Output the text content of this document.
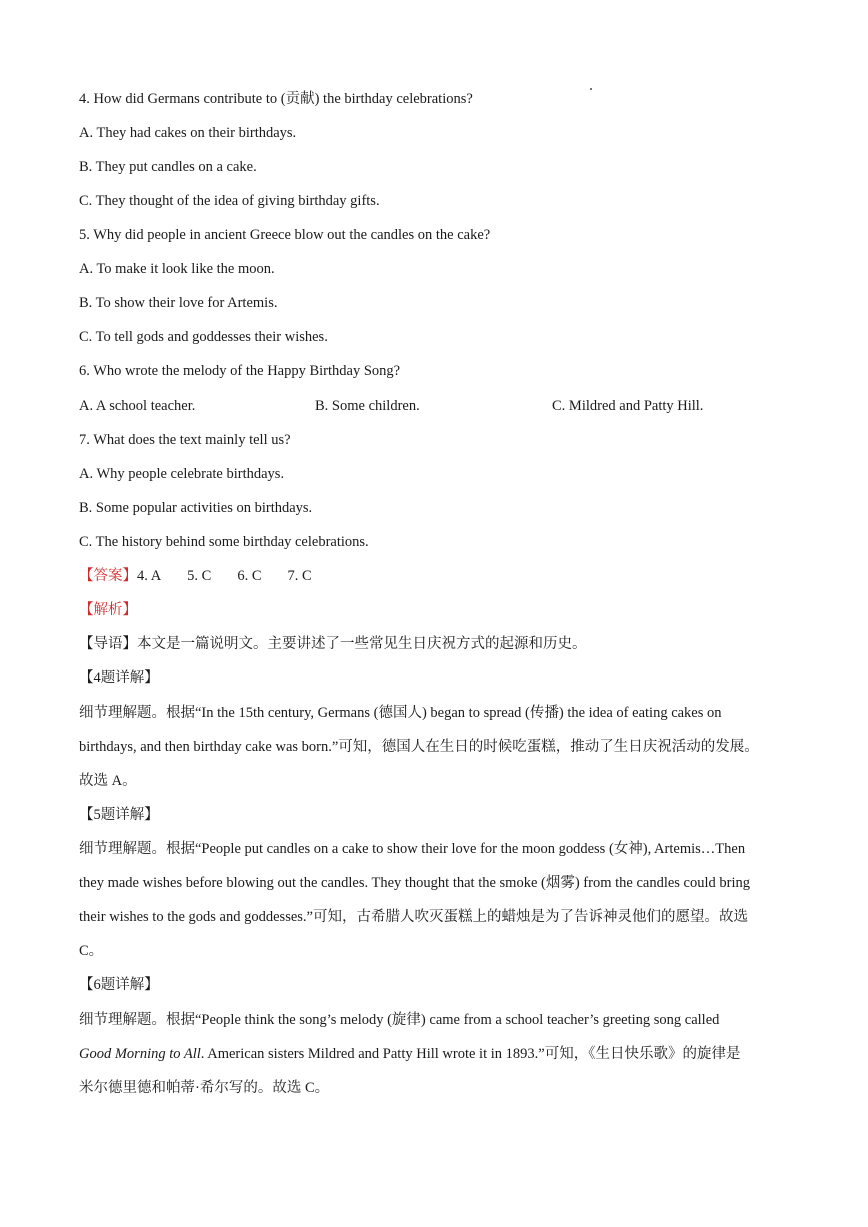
4. How did Germans contribute to (贡献) the birthday celebrations?
A. They had cakes on their birthdays.
B. They put candles on a cake.
C. They thought of the idea of giving birthday gifts.
5. Why did people in ancient Greece blow out the candles on the cake?
A. To make it look like the moon.
B. To show their love for Artemis.
C. To tell gods and goddesses their wishes.
6. Who wrote the melody of the Happy Birthday Song?
A. A school teacher.	B. Some children.	C. Mildred and Patty Hill.
7. What does the text mainly tell us?
A. Why people celebrate birthdays.
B. Some popular activities on birthdays.
C. The history behind some birthday celebrations.
【答案】4. A 5. C 6. C 7. C
【解析】
【导语】本文是一篇说明文。主要讲述了一些常见生日庆祝方式的起源和历史。
【4题详解】
细节理解题。根据“In the 15th century, Germans (德国人) began to spread (传播) the idea of eating cakes on
birthdays, and then birthday cake was born.”可知，德国人在生日的时候吃蛋糕，推动了生日庆祝活动的发展。
故选 A。
【5题详解】
细节理解题。根据“People put candles on a cake to show their love for the moon goddess (女神), Artemis…Then
they made wishes before blowing out the candles. They thought that the smoke (烟雾) from the candles could bring
their wishes to the gods and goddesses.”可知，古希腊人吹灭蛋糕上的蜡烛是为了告诉神灵他们的愿望。故选
C。
【6题详解】
细节理解题。根据“People think the song’s melody (旋律) came from a school teacher’s greeting song called
Good Morning to All. American sisters Mildred and Patty Hill wrote it in 1893.”可知，《生日快乐歌》的旋律是
米尔德里德和帕蒂·希尔写的。故选 C。
